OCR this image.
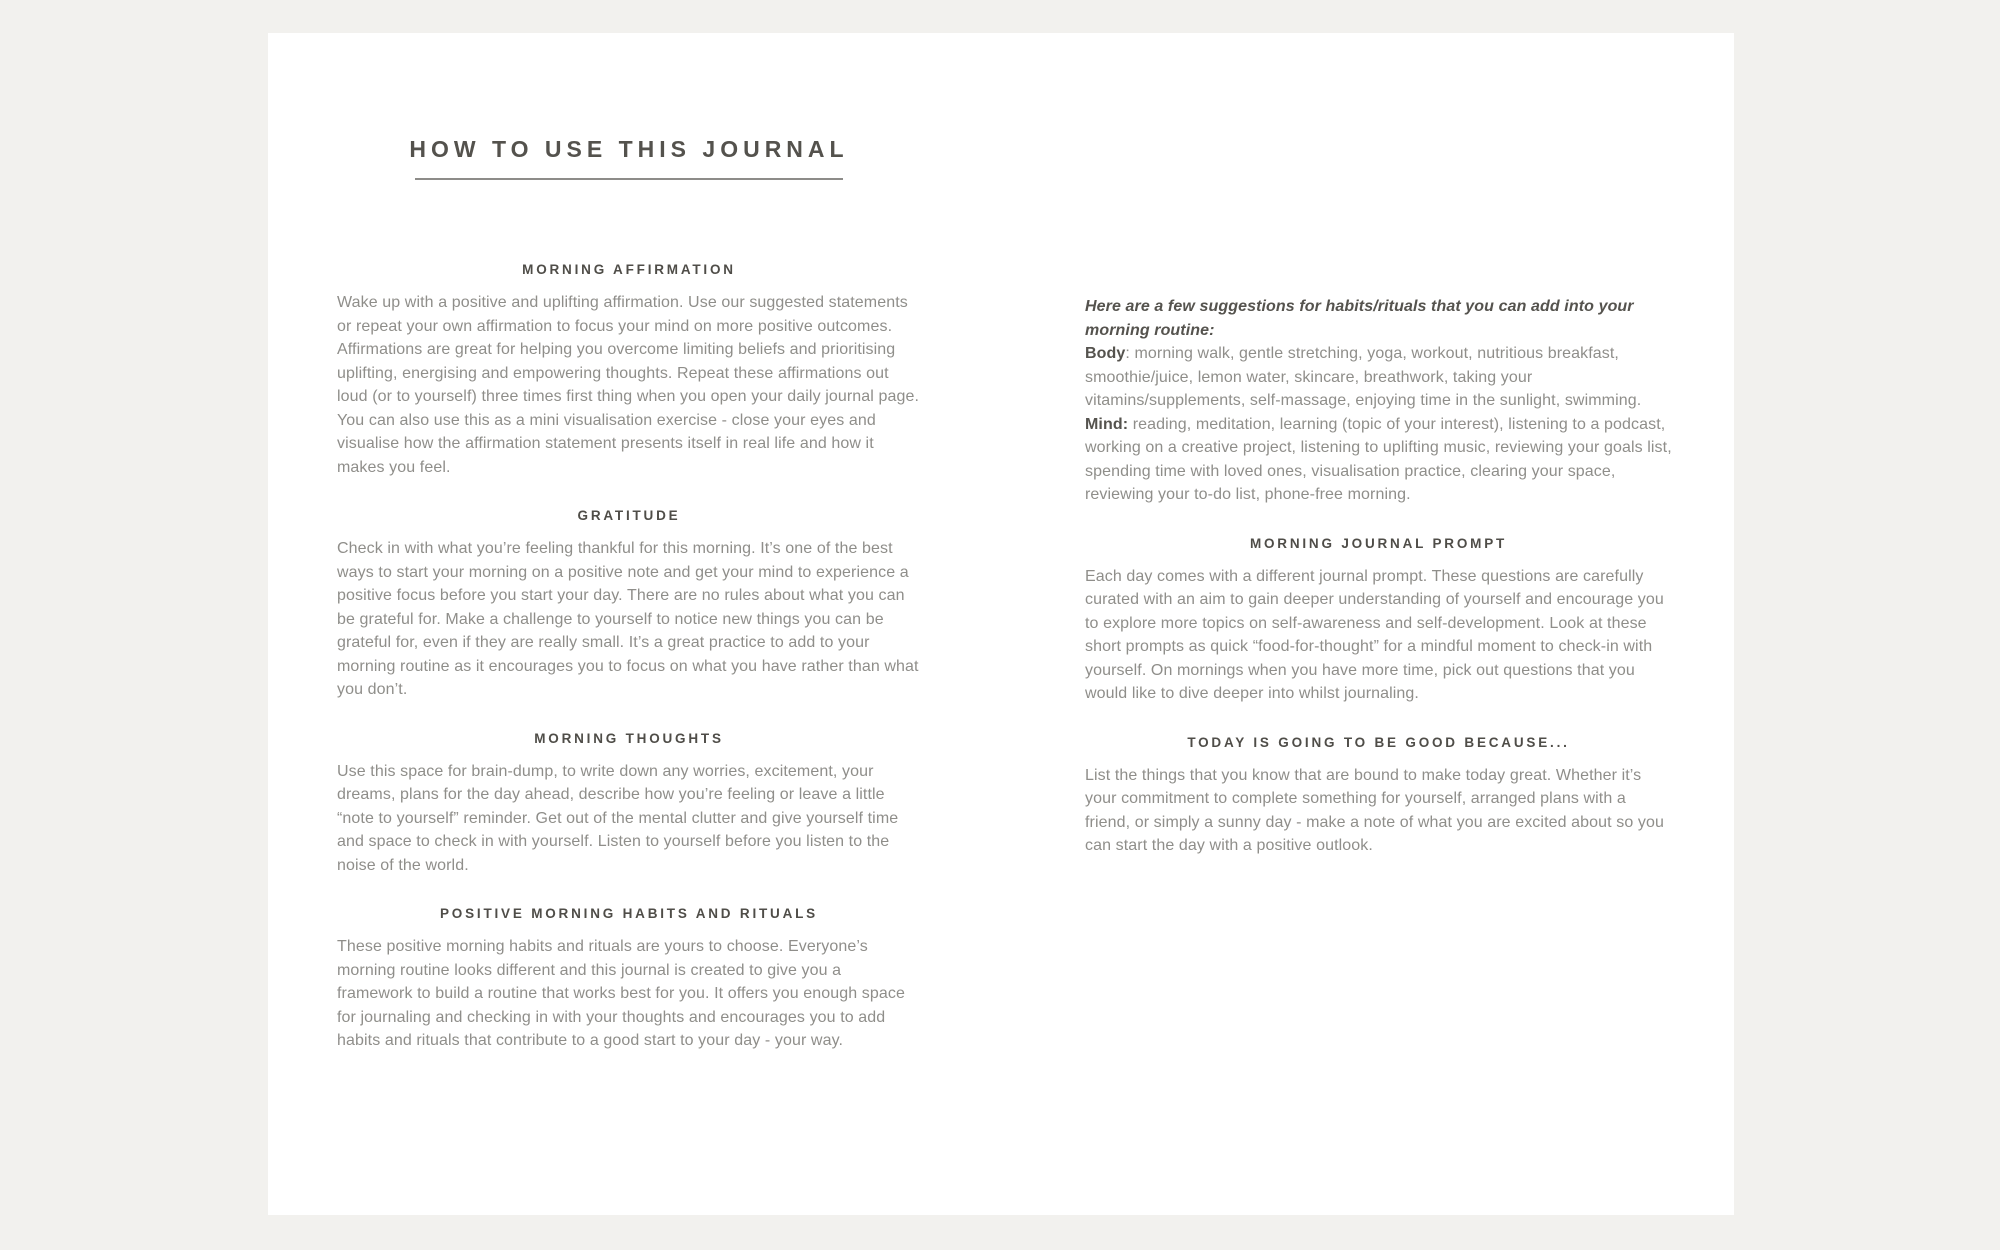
HOW TO USE THIS JOURNAL
MORNING AFFIRMATION

Wake up with a positive and uplifting affirmation. Use our suggested statements or repeat your own affirmation to focus your mind on more positive outcomes. Affirmations are great for helping you overcome limiting beliefs and prioritising uplifting, energising and empowering thoughts. Repeat these affirmations out loud (or to yourself) three times first thing when you open your daily journal page. You can also use this as a mini visualisation exercise - close your eyes and visualise how the affirmation statement presents itself in real life and how it makes you feel.

GRATITUDE

Check in with what you’re feeling thankful for this morning. It’s one of the best ways to start your morning on a positive note and get your mind to experience a positive focus before you start your day. There are no rules about what you can be grateful for. Make a challenge to yourself to notice new things you can be grateful for, even if they are really small. It’s a great practice to add to your morning routine as it encourages you to focus on what you have rather than what you don’t.

MORNING THOUGHTS

Use this space for brain-dump, to write down any worries, excitement, your dreams, plans for the day ahead, describe how you’re feeling or leave a little “note to yourself” reminder. Get out of the mental clutter and give yourself time and space to check in with yourself. Listen to yourself before you listen to the noise of the world.

POSITIVE MORNING HABITS AND RITUALS

These positive morning habits and rituals are yours to choose. Everyone’s morning routine looks different and this journal is created to give you a framework to build a routine that works best for you. It offers you enough space for journaling and checking in with your thoughts and encourages you to add habits and rituals that contribute to a good start to your day - your way.

Here are a few suggestions for habits/rituals that you can add into your morning routine:
Body: morning walk, gentle stretching, yoga, workout, nutritious breakfast, smoothie/juice, lemon water, skincare, breathwork, taking your vitamins/supplements, self-massage, enjoying time in the sunlight, swimming.
Mind: reading, meditation, learning (topic of your interest), listening to a podcast, working on a creative project, listening to uplifting music, reviewing your goals list, spending time with loved ones, visualisation practice, clearing your space, reviewing your to-do list, phone-free morning.

MORNING JOURNAL PROMPT

Each day comes with a different journal prompt. These questions are carefully curated with an aim to gain deeper understanding of yourself and encourage you to explore more topics on self-awareness and self-development. Look at these short prompts as quick “food-for-thought” for a mindful moment to check-in with yourself. On mornings when you have more time, pick out questions that you would like to dive deeper into whilst journaling.

TODAY IS GOING TO BE GOOD BECAUSE...

List the things that you know that are bound to make today great. Whether it’s your commitment to complete something for yourself, arranged plans with a friend, or simply a sunny day - make a note of what you are excited about so you can start the day with a positive outlook.
